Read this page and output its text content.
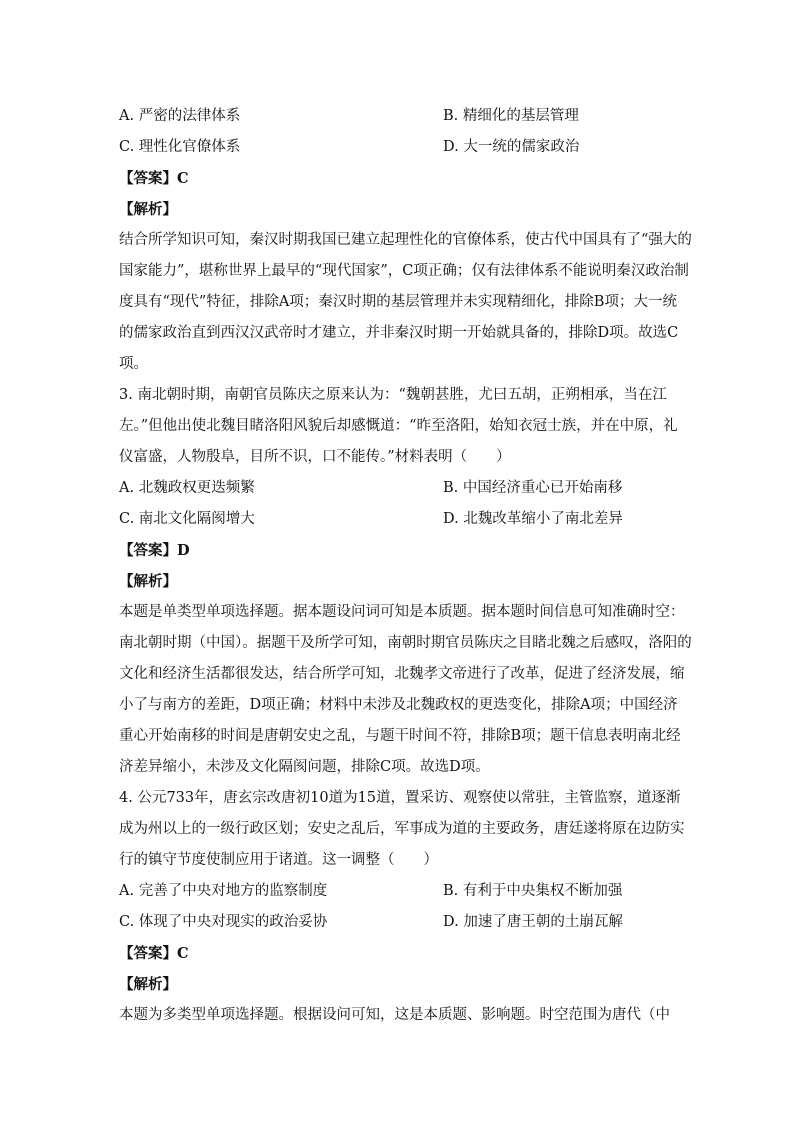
A. 严密的法律体系	B. 精细化的基层管理
C. 理性化官僚体系	D. 大一统的儒家政治
【答案】C
【解析】
结合所学知识可知，秦汉时期我国已建立起理性化的官僚体系，使古代中国具有了“强大的
国家能力”，堪称世界上最早的“现代国家”，C项正确；仅有法律体系不能说明秦汉政治制
度具有“现代”特征，排除A项；秦汉时期的基层管理并未实现精细化，排除B项；大一统
的儒家政治直到西汉汉武帝时才建立，并非秦汉时期一开始就具备的，排除D项。故选C
项。
3. 南北朝时期，南朝官员陈庆之原来认为：“魏朝甚胜，尤曰五胡，正朔相承，当在江
左。”但他出使北魏目睹洛阳风貌后却感慨道：“昨至洛阳，始知衣冠士族，并在中原，礼
仪富盛，人物殷阜，目所不识，口不能传。”材料表明（　　）
A. 北魏政权更迭频繁	B. 中国经济重心已开始南移
C. 南北文化隔阂增大	D. 北魏改革缩小了南北差异
【答案】D
【解析】
本题是单类型单项选择题。据本题设问词可知是本质题。据本题时间信息可知准确时空：
南北朝时期（中国）。据题干及所学可知，南朝时期官员陈庆之目睹北魏之后感叹，洛阳的
文化和经济生活都很发达，结合所学可知，北魏孝文帝进行了改革，促进了经济发展，缩
小了与南方的差距，D项正确；材料中未涉及北魏政权的更迭变化，排除A项；中国经济
重心开始南移的时间是唐朝安史之乱，与题干时间不符，排除B项；题干信息表明南北经
济差异缩小，未涉及文化隔阂问题，排除C项。故选D项。
4. 公元733年，唐玄宗改唐初10道为15道，置采访、观察使以常驻，主管监察，道逐渐
成为州以上的一级行政区划；安史之乱后，军事成为道的主要政务，唐廷遂将原在边防实
行的镇守节度使制应用于诸道。这一调整（　　）
A. 完善了中央对地方的监察制度	B. 有利于中央集权不断加强
C. 体现了中央对现实的政治妥协	D. 加速了唐王朝的土崩瓦解
【答案】C
【解析】
本题为多类型单项选择题。根据设问可知，这是本质题、影响题。时空范围为唐代（中
